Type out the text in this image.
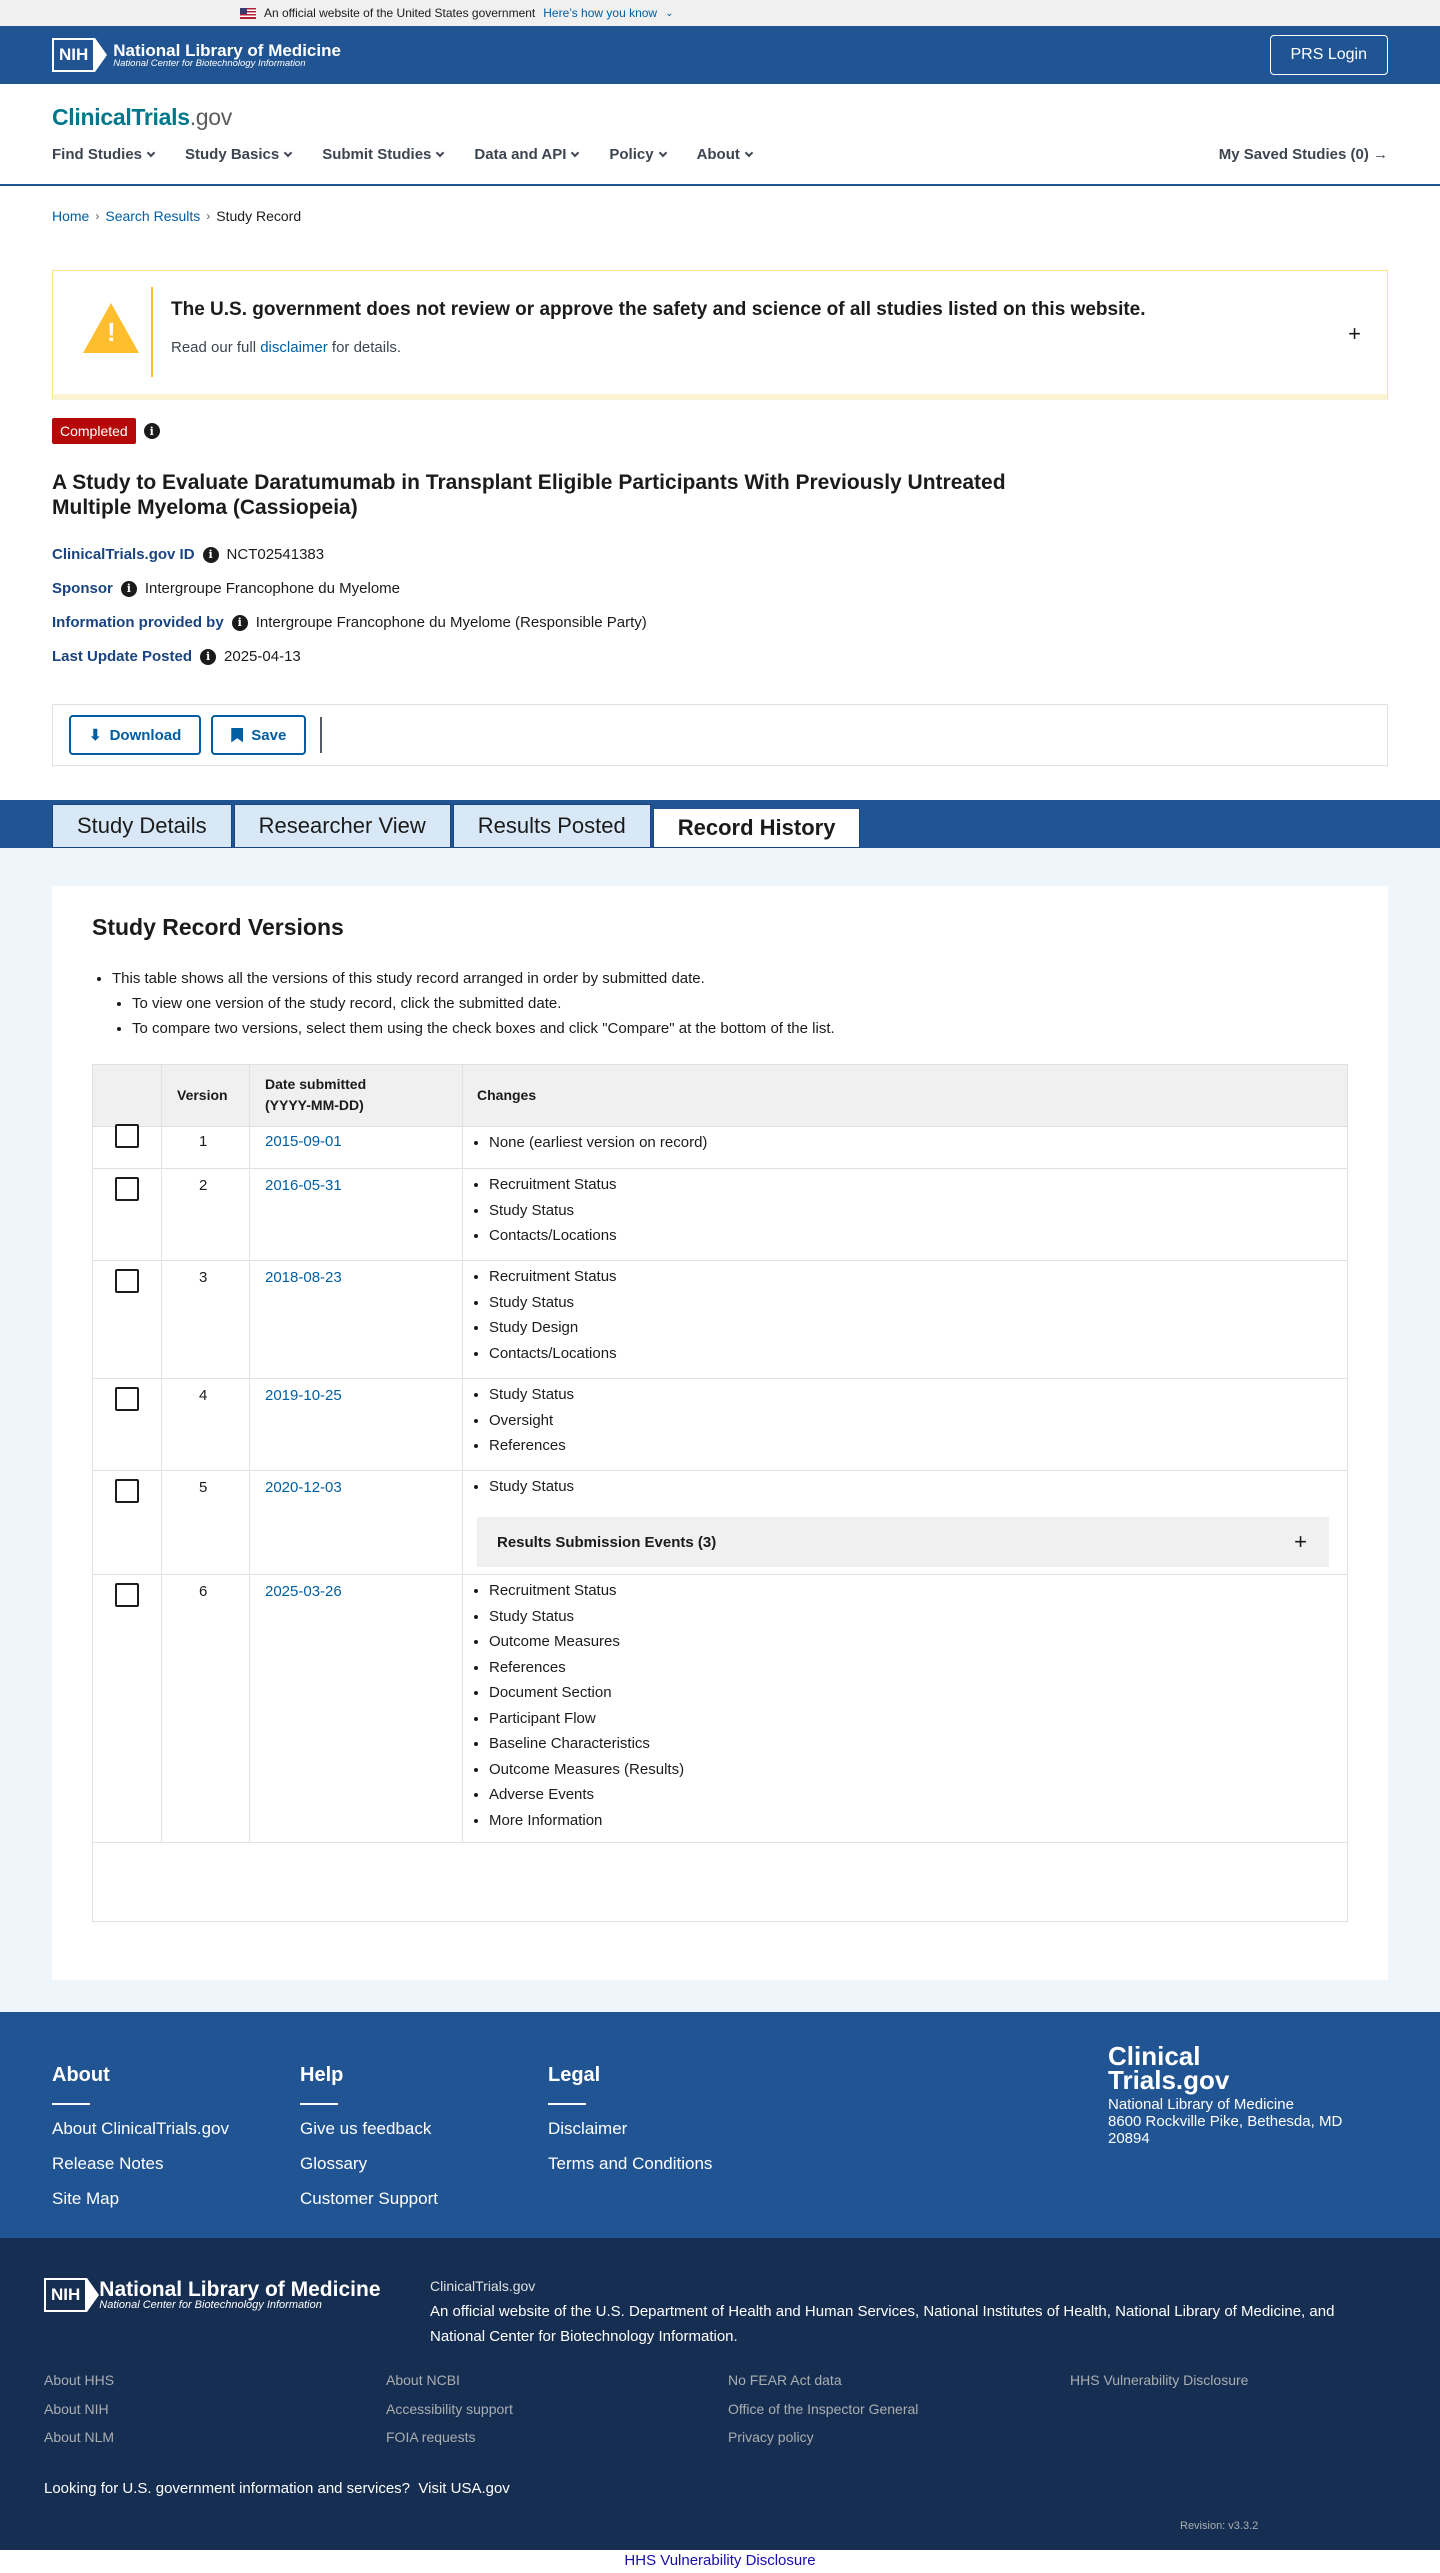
An official website of the United States government Here’s how you know ⌄
NIH	National Library of Medicine
National Center for Biotechnology Information
PRS Login
ClinicalTrials.gov
Find Studies	Study Basics	Submit Studies	Data and API	Policy	About	My Saved Studies (0) →
Home › Search Results › Study Record
!
The U.S. government does not review or approve the safety and science of all studies listed on this website.
Read our full disclaimer for details.
+
Completed	i
A Study to Evaluate Daratumumab in Transplant Eligible Participants With Previously Untreated Multiple Myeloma (Cassiopeia)
ClinicalTrials.gov ID	i NCT02541383
Sponsor	i Intergroupe Francophone du Myelome
Information provided by	i Intergroupe Francophone du Myelome (Responsible Party)
Last Update Posted	i 2025-04-13
⬇ Download	Save
Study Details	Researcher View	Results Posted	Record History
Study Record Versions
• This table shows all the versions of this study record arranged in order by submitted date.
• To view one version of the study record, click the submitted date.
• To compare two versions, select them using the check boxes and click "Compare" at the bottom of the list.
Version
Date submitted
(YYYY-MM-DD)
Changes
1	2015-09-01	• None (earliest version on record)
2	2016-05-31	• Recruitment Status
• Study Status
• Contacts/Locations
3	2018-08-23	• Recruitment Status
• Study Status
• Study Design
• Contacts/Locations
4	2019-10-25	• Study Status
• Oversight
• References
5	2020-12-03	• Study Status
Results Submission Events (3)	+
6	2025-03-26	• Recruitment Status
• Study Status
• Outcome Measures
• References
• Document Section
• Participant Flow
• Baseline Characteristics
• Outcome Measures (Results)
• Adverse Events
• More Information
About
About ClinicalTrials.gov
Release Notes
Site Map
Help
Give us feedback
Glossary
Customer Support
Legal
Disclaimer
Terms and Conditions
Clinical
Trials.gov
National Library of Medicine
8600 Rockville Pike, Bethesda, MD
20894
NIH National Library of Medicine
National Center for Biotechnology Information
ClinicalTrials.gov
An official website of the U.S. Department of Health and Human Services, National Institutes of Health, National Library of Medicine, and National Center for Biotechnology Information.
About HHS
About NIH
About NLM
About NCBI
Accessibility support
FOIA requests
No FEAR Act data
Office of the Inspector General
Privacy policy
HHS Vulnerability Disclosure
Looking for U.S. government information and services? Visit USA.gov
Revision: v3.3.2
HHS Vulnerability Disclosure
